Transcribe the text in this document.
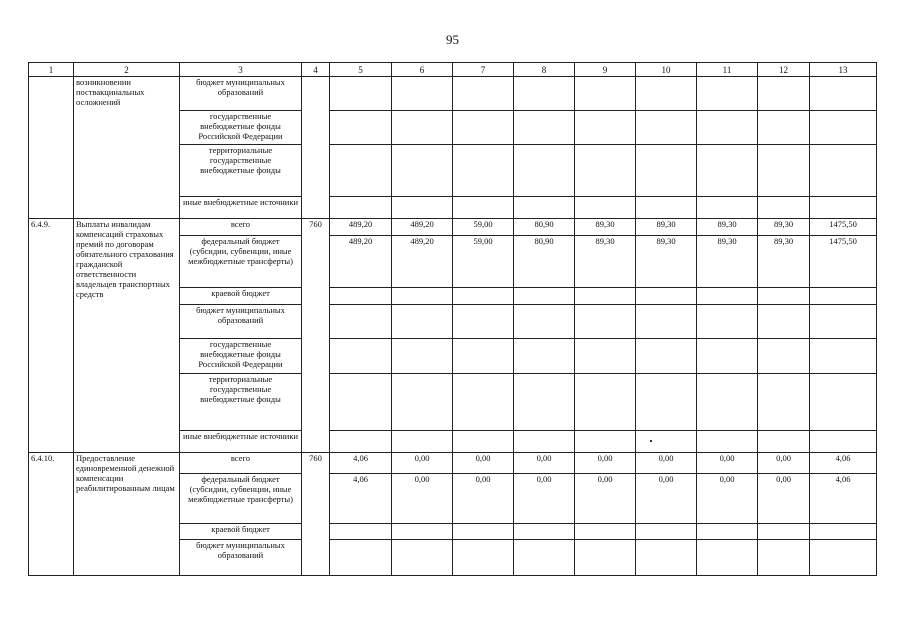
95
1	2	3	4	5	6	7	8	9	10	11	12	13
	возникновении поствакцинальных осложнений	бюджет муниципальных образований										
		государственные внебюджетные фонды Российской Федерации										
		территориальные государственные внебюджетные фонды										
		иные внебюджетные источники										
6.4.9.	Выплаты инвалидам компенсаций страховых премий по договорам обязательного страхования гражданской ответственности владельцев транспортных средств	всего	760	489,20	489,20	59,00	80,90	89,30	89,30	89,30	89,30	1475,50
		федеральный бюджет (субсидии, субвенции, иные межбюджетные трансферты)		489,20	489,20	59,00	80,90	89,30	89,30	89,30	89,30	1475,50
		краевой бюджет										
		бюджет муниципальных образований										
		государственные внебюджетные фонды Российской Федерации										
		территориальные государственные внебюджетные фонды										
		иные внебюджетные источники										
6.4.10.	Предоставление единовременной денежной компенсации реабилитированным лицам	всего	760	4,06	0,00	0,00	0,00	0,00	0,00	0,00	0,00	4,06
		федеральный бюджет (субсидии, субвенции, иные межбюджетные трансферты)		4,06	0,00	0,00	0,00	0,00	0,00	0,00	0,00	4,06
		краевой бюджет										
		бюджет муниципальных образований										
